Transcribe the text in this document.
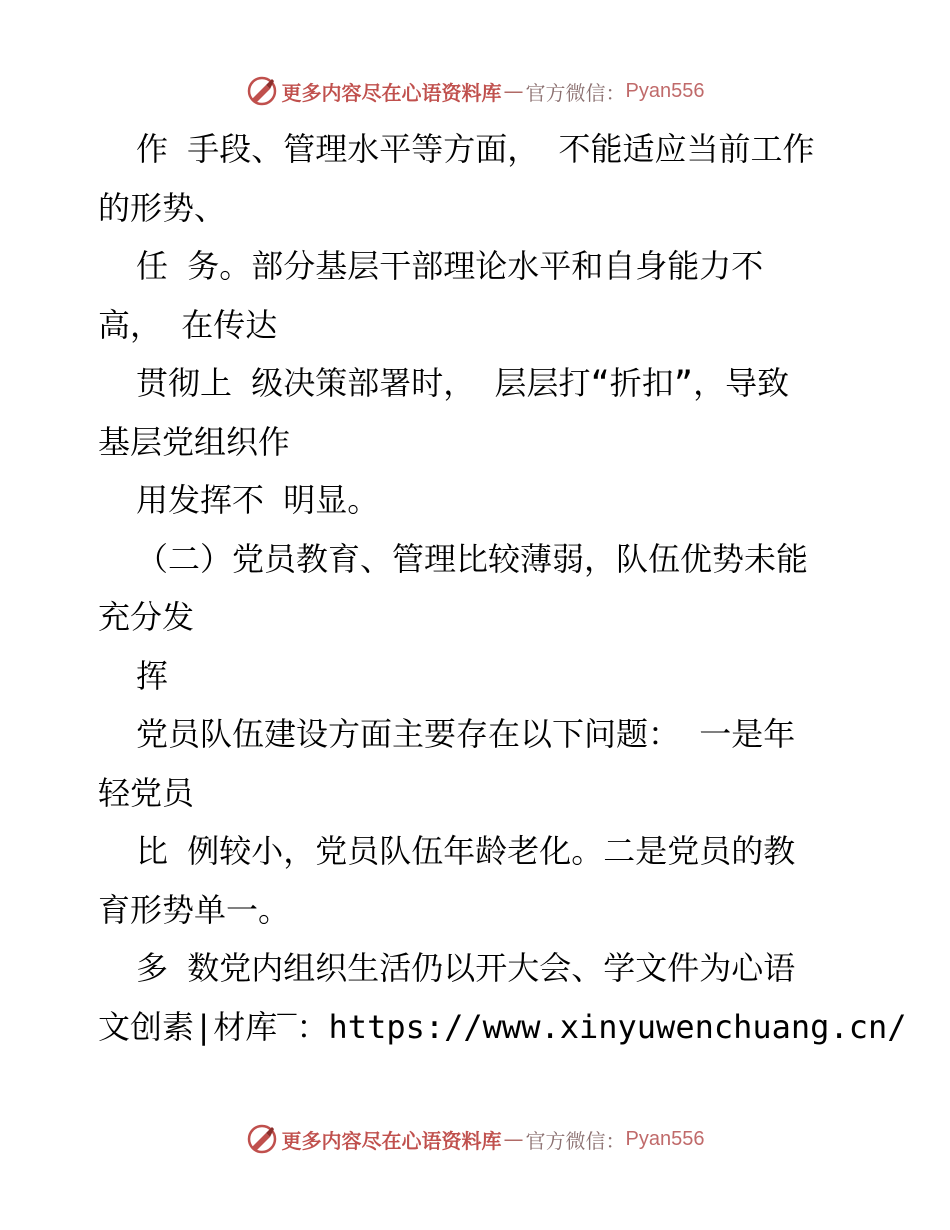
更多内容尽在心语资料库 — 官方微信： Pyan556
作 手段、管理水平等方面， 不能适应当前工作
的形势、
任 务。部分基层干部理论水平和自身能力不
高， 在传达
贯彻上 级决策部署时， 层层打“折扣”，导致
基层党组织作
用发挥不 明显。
（二）党员教育、管理比较薄弱，队伍优势未能
充分发
挥
党员队伍建设方面主要存在以下问题： 一是年
轻党员
比 例较小，党员队伍年龄老化。二是党员的教
育形势单一。
多 数党内组织生活仍以开大会、学文件为心语
文创素|材库‾：https://www.xinyuwenchuang.cn/
更多内容尽在心语资料库 — 官方微信： Pyan556
